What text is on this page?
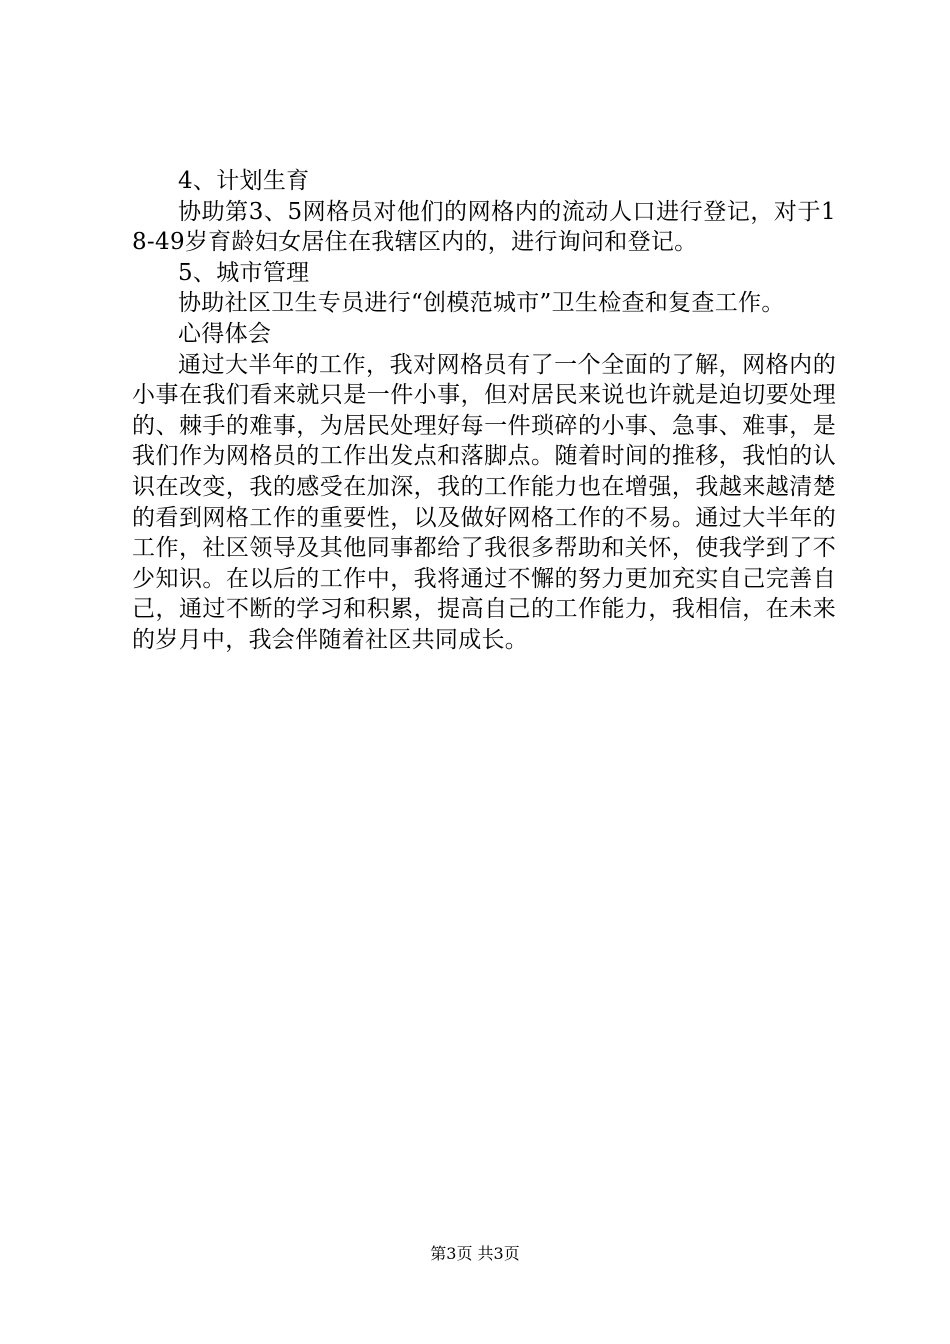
4、计划生育

协助第3、5网格员对他们的网格内的流动人口进行登记，对于18-49岁育龄妇女居住在我辖区内的，进行询问和登记。

5、城市管理

协助社区卫生专员进行“创模范城市”卫生检查和复查工作。

心得体会

通过大半年的工作，我对网格员有了一个全面的了解，网格内的小事在我们看来就只是一件小事，但对居民来说也许就是迫切要处理的、棘手的难事，为居民处理好每一件琐碎的小事、急事、难事，是我们作为网格员的工作出发点和落脚点。随着时间的推移，我怕的认识在改变，我的感受在加深，我的工作能力也在增强，我越来越清楚的看到网格工作的重要性，以及做好网格工作的不易。通过大半年的工作，社区领导及其他同事都给了我很多帮助和关怀，使我学到了不少知识。在以后的工作中，我将通过不懈的努力更加充实自己完善自己，通过不断的学习和积累，提高自己的工作能力，我相信，在未来的岁月中，我会伴随着社区共同成长。

第3页 共3页
